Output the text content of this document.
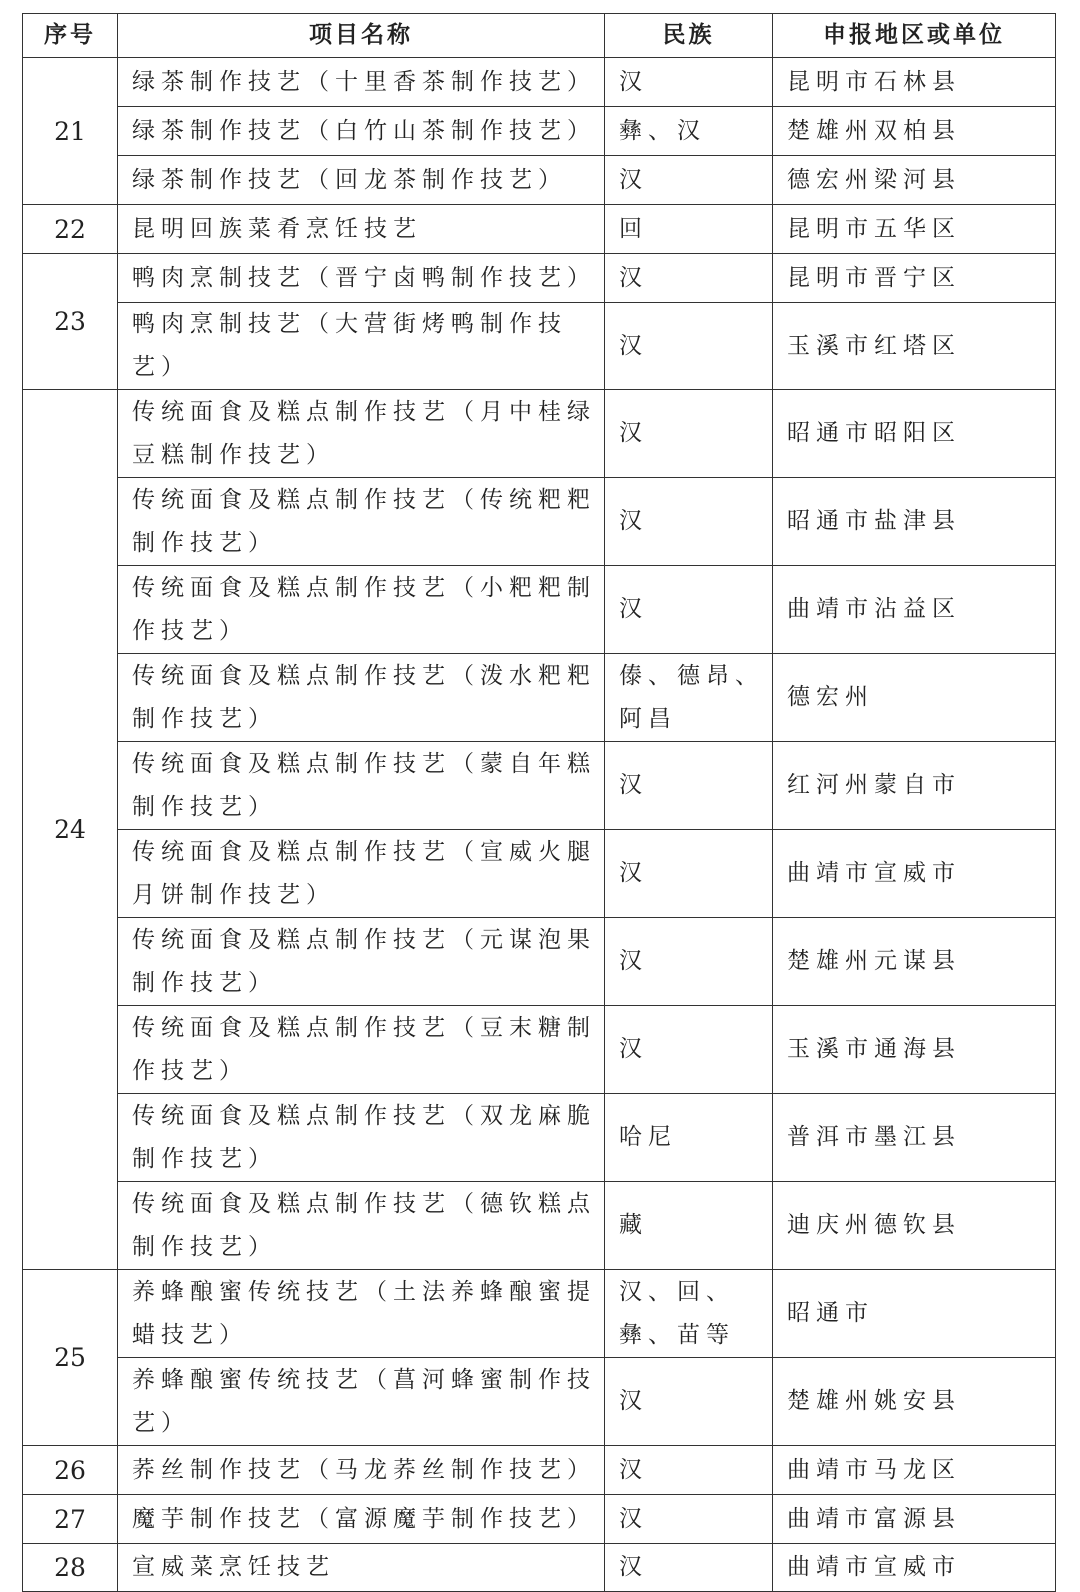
序号	项目名称	民族	申报地区或单位
21	绿茶制作技艺（十里香茶制作技艺）	汉	昆明市石林县
	绿茶制作技艺（白竹山茶制作技艺）	彝、汉	楚雄州双柏县
	绿茶制作技艺（回龙茶制作技艺）	汉	德宏州梁河县
22	昆明回族菜肴烹饪技艺	回	昆明市五华区
23	鸭肉烹制技艺（晋宁卤鸭制作技艺）	汉	昆明市晋宁区
	鸭肉烹制技艺（大营街烤鸭制作技艺）	汉	玉溪市红塔区
24	传统面食及糕点制作技艺（月中桂绿豆糕制作技艺）	汉	昭通市昭阳区
	传统面食及糕点制作技艺（传统粑粑制作技艺）	汉	昭通市盐津县
	传统面食及糕点制作技艺（小粑粑制作技艺）	汉	曲靖市沾益区
	传统面食及糕点制作技艺（泼水粑粑制作技艺）	傣、德昂、阿昌	德宏州
	传统面食及糕点制作技艺（蒙自年糕制作技艺）	汉	红河州蒙自市
	传统面食及糕点制作技艺（宣威火腿月饼制作技艺）	汉	曲靖市宣威市
	传统面食及糕点制作技艺（元谋泡果制作技艺）	汉	楚雄州元谋县
	传统面食及糕点制作技艺（豆末糖制作技艺）	汉	玉溪市通海县
	传统面食及糕点制作技艺（双龙麻脆制作技艺）	哈尼	普洱市墨江县
	传统面食及糕点制作技艺（德钦糕点制作技艺）	藏	迪庆州德钦县
25	养蜂酿蜜传统技艺（土法养蜂酿蜜提蜡技艺）	汉、回、彝、苗等	昭通市
	养蜂酿蜜传统技艺（菖河蜂蜜制作技艺）	汉	楚雄州姚安县
26	荞丝制作技艺（马龙荞丝制作技艺）	汉	曲靖市马龙区
27	魔芋制作技艺（富源魔芋制作技艺）	汉	曲靖市富源县
28	宣威菜烹饪技艺	汉	曲靖市宣威市
